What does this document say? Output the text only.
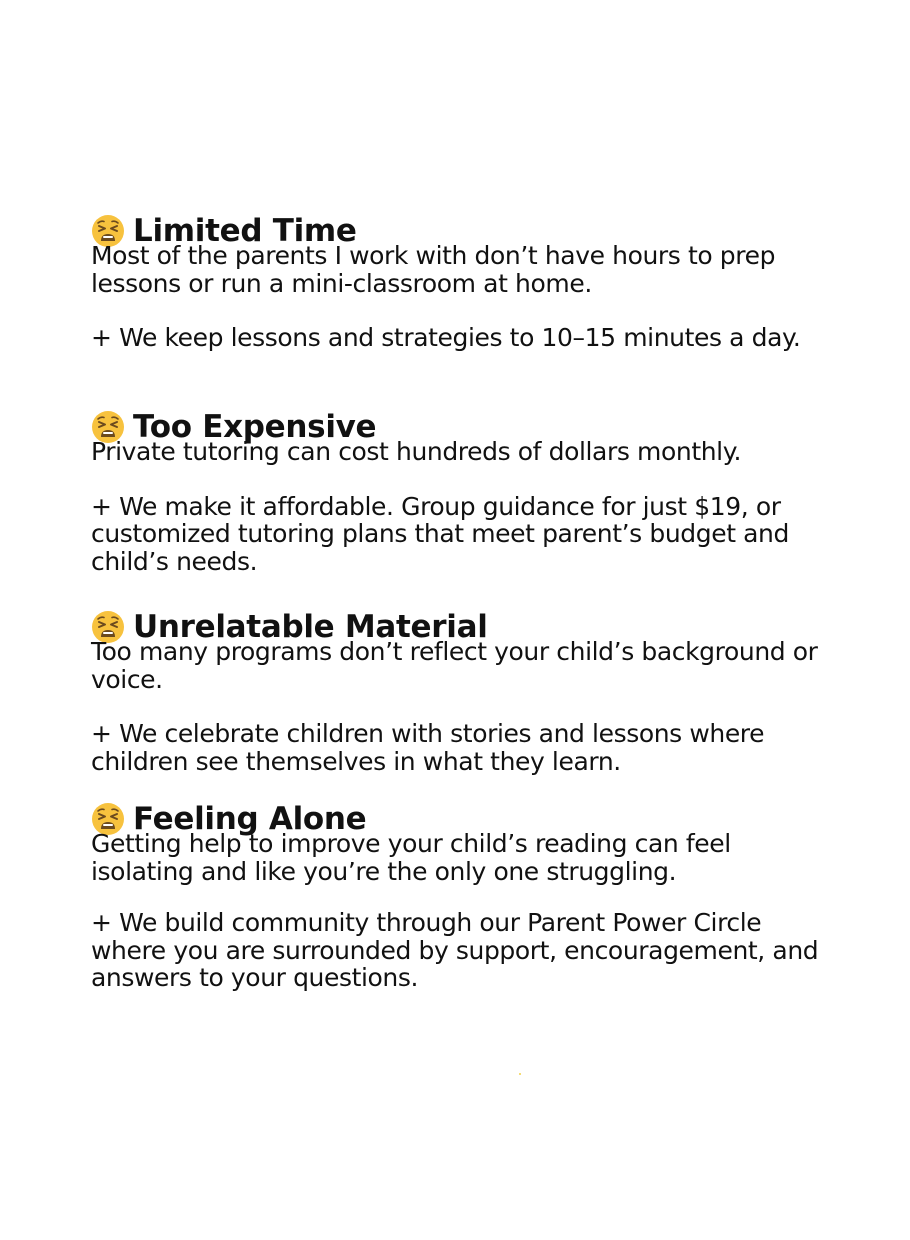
Limited Time

Most of the parents I work with don’t have hours to prep lessons or run a mini-classroom at home.

+ We keep lessons and strategies to 10–15 minutes a day.

Too Expensive

Private tutoring can cost hundreds of dollars monthly.

+ We make it affordable. Group guidance for just $19, or customized tutoring plans that meet parent’s budget and child’s needs.

Unrelatable Material

Too many programs don’t reflect your child’s background or voice.

+ We celebrate children with stories and lessons where children see themselves in what they learn.

Feeling Alone

Getting help to improve your child’s reading can feel isolating and like you’re the only one struggling.

+ We build community through our Parent Power Circle where you are surrounded by support, encouragement, and answers to your questions.
